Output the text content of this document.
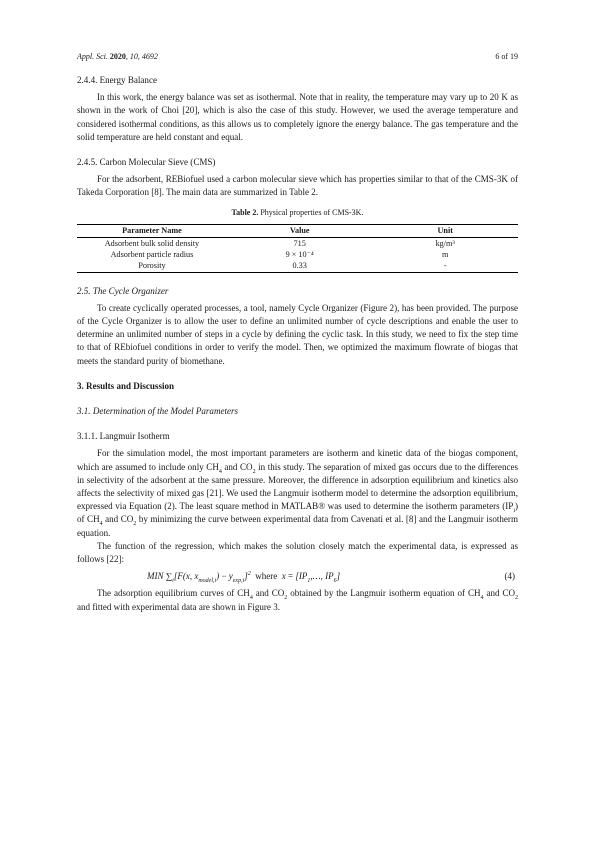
Appl. Sci. 2020, 10, 4692	6 of 19
2.4.4. Energy Balance

In this work, the energy balance was set as isothermal. Note that in reality, the temperature may vary up to 20 K as shown in the work of Choi [20], which is also the case of this study. However, we used the average temperature and considered isothermal conditions, as this allows us to completely ignore the energy balance. The gas temperature and the solid temperature are held constant and equal.

2.4.5. Carbon Molecular Sieve (CMS)

For the adsorbent, REBiofuel used a carbon molecular sieve which has properties similar to that of the CMS-3K of Takeda Corporation [8]. The main data are summarized in Table 2.

Table 2. Physical properties of CMS-3K.
Parameter Name	Value	Unit
Adsorbent bulk solid density	715	kg/m³
Adsorbent particle radius	9 × 10⁻⁴	m
Porosity	0.33	-
2.5. The Cycle Organizer

To create cyclically operated processes, a tool, namely Cycle Organizer (Figure 2), has been provided. The purpose of the Cycle Organizer is to allow the user to define an unlimited number of cycle descriptions and enable the user to determine an unlimited number of steps in a cycle by defining the cyclic task. In this study, we need to fix the step time to that of REbiofuel conditions in order to verify the model. Then, we optimized the maximum flowrate of biogas that meets the standard purity of biomethane.

3. Results and Discussion
3.1. Determination of the Model Parameters
3.1.1. Langmuir Isotherm

For the simulation model, the most important parameters are isotherm and kinetic data of the biogas component, which are assumed to include only $CH_4$ and $CO_2$ in this study. The separation of mixed gas occurs due to the differences in selectivity of the adsorbent at the same pressure. Moreover, the difference in adsorption equilibrium and kinetics also affects the selectivity of mixed gas [21]. We used the Langmuir isotherm model to determine the adsorption equilibrium, expressed via Equation (2). The least square method in MATLAB® was used to determine the isotherm parameters $(IP_i)$ of $CH_4$ and $CO_2$ by minimizing the curve between experimental data from Cavenati et al. [8] and the Langmuir isotherm equation.

The function of the regression, which makes the solution closely match the experimental data, is expressed as follows [22]:

MIN $\sum_i[F(x$, $x_{model,i}) - y_{exp,i}]^2$  where  $x = [IP_1,\dots$, $IP_6$]	(4)

The adsorption equilibrium curves of $CH_4$ and $CO_2$ obtained by the Langmuir isotherm equation of $CH_4$ and $CO_2$ and fitted with experimental data are shown in Figure 3.
